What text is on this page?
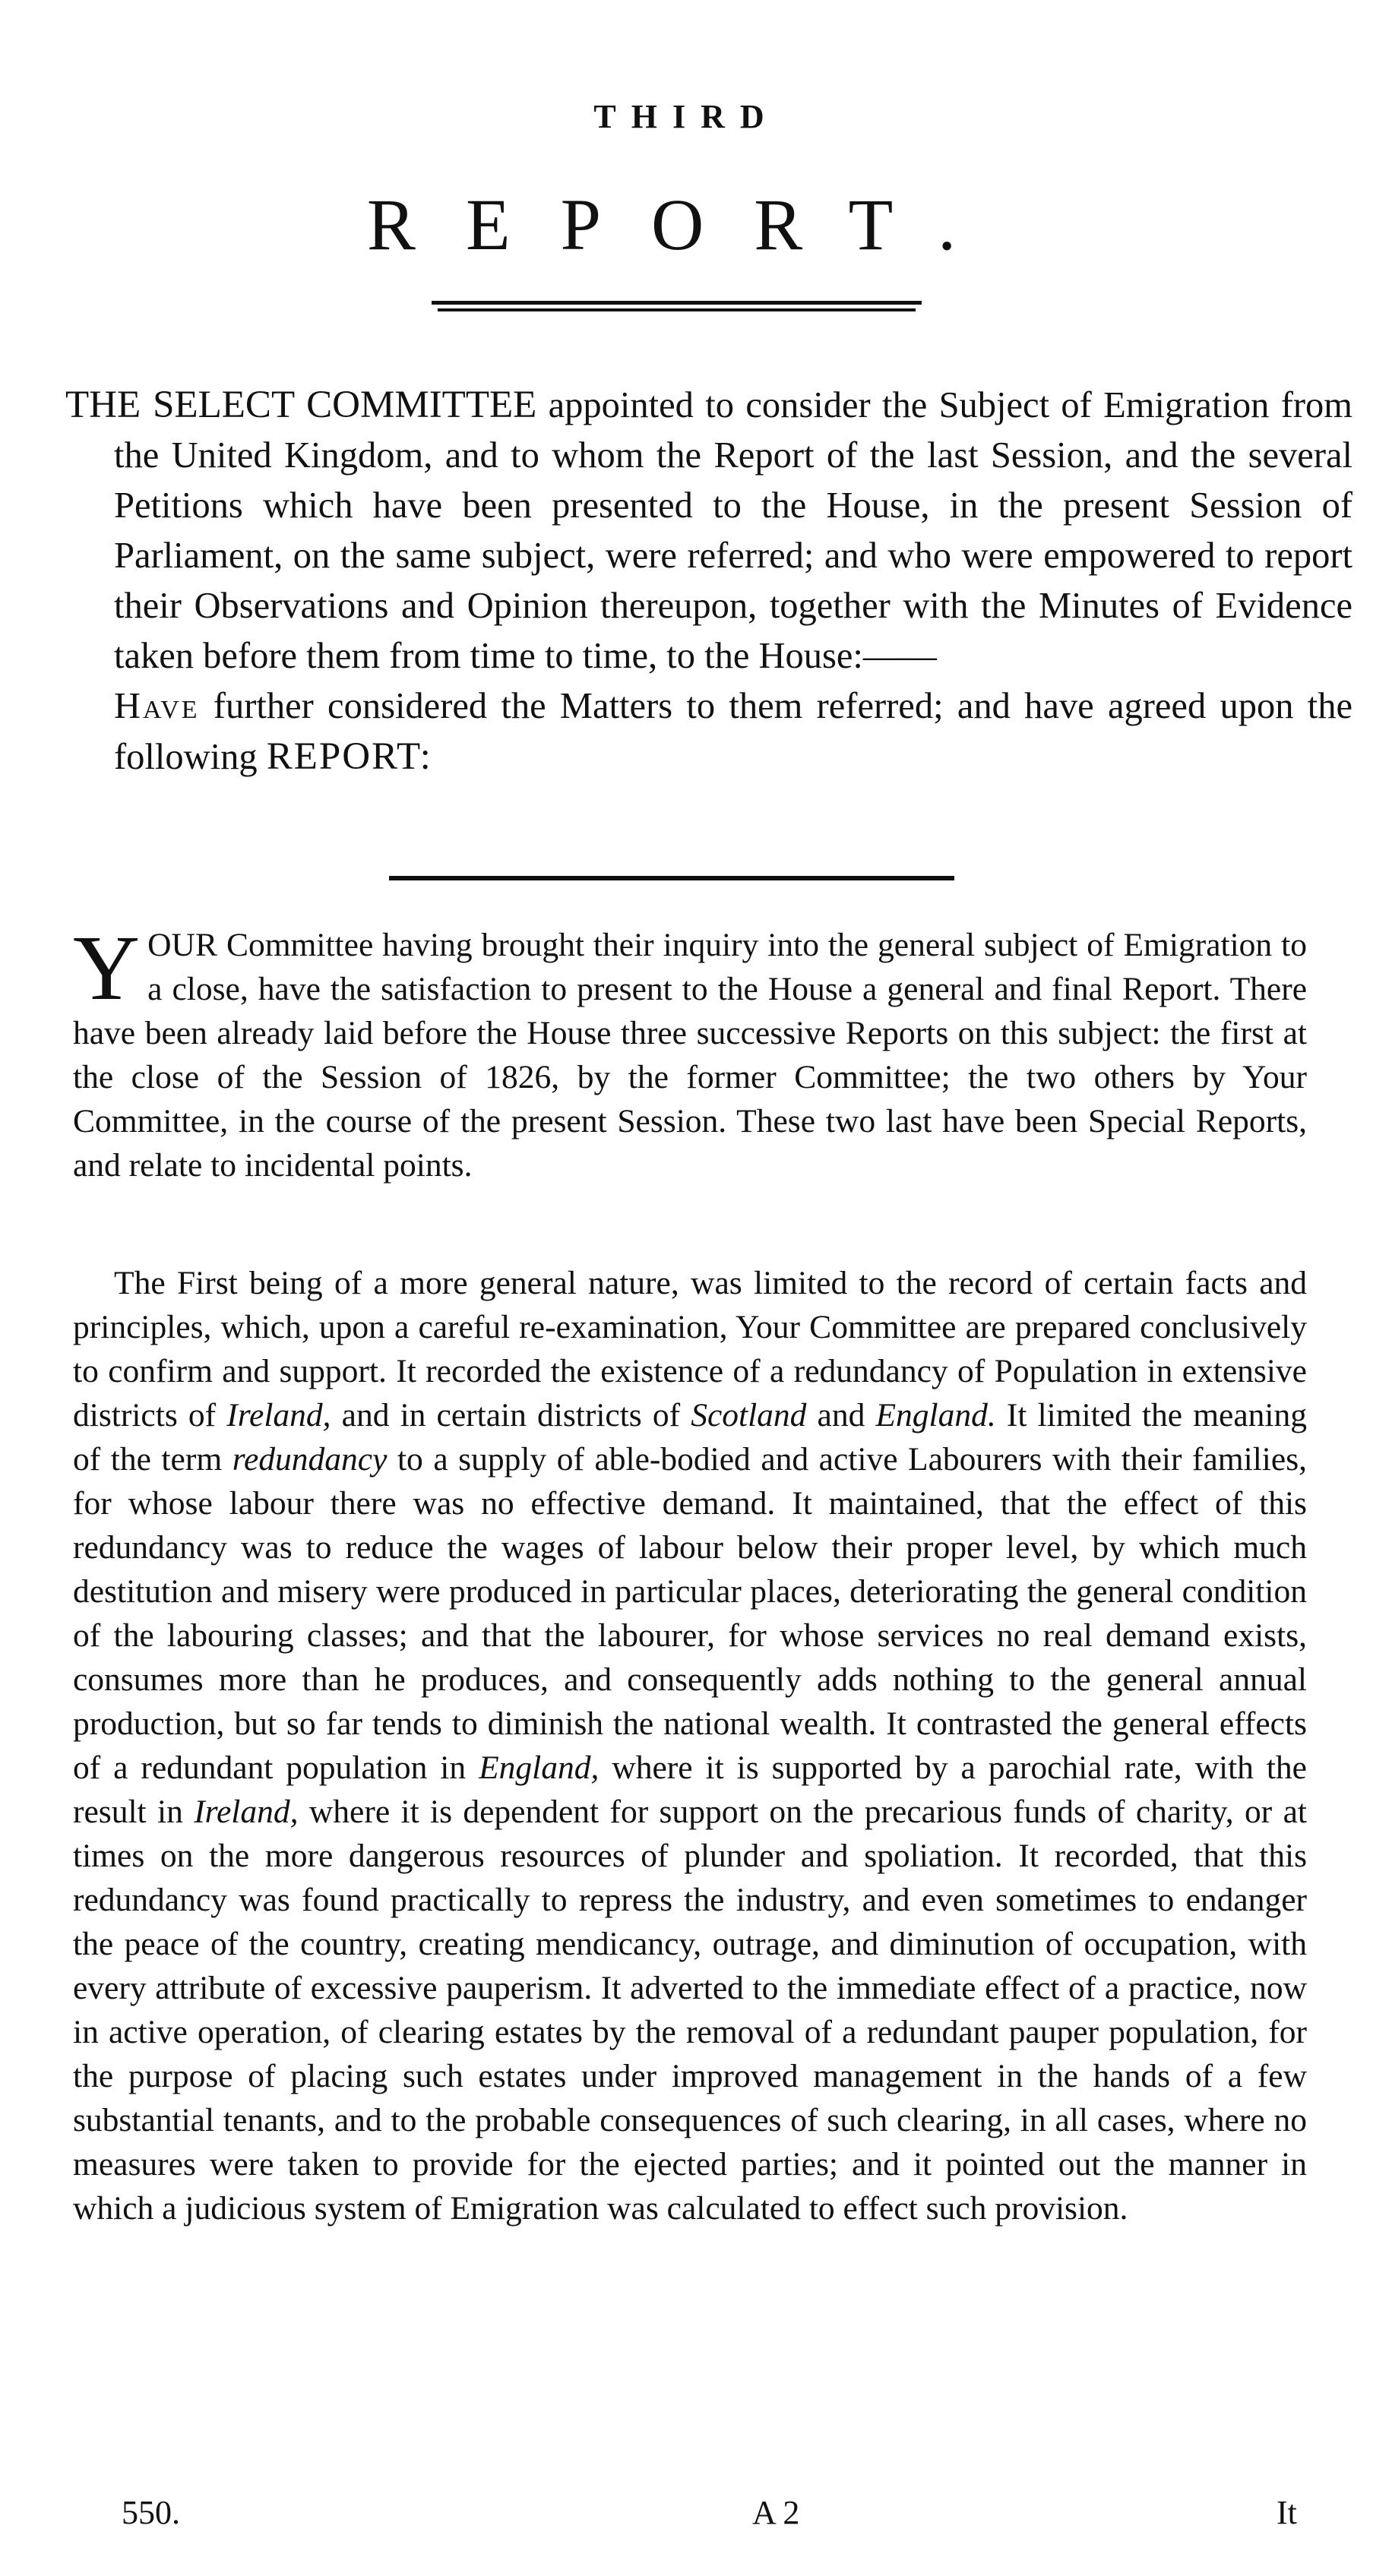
THIRD
REPORT.
THE SELECT COMMITTEE appointed to consider the Subject of Emigration from the United Kingdom, and to whom the Report of the last Session, and the several Petitions which have been presented to the House, in the present Session of Parliament, on the same subject, were referred; and who were empowered to report their Observations and Opinion thereupon, together with the Minutes of Evidence taken before them from time to time, to the House:——
Have further considered the Matters to them referred; and have agreed upon the following REPORT:
YOUR Committee having brought their inquiry into the general subject of Emigration to a close, have the satisfaction to present to the House a general and final Report. There have been already laid before the House three successive Reports on this subject: the first at the close of the Session of 1826, by the former Committee; the two others by Your Committee, in the course of the present Session. These two last have been Special Reports, and relate to incidental points.
The First being of a more general nature, was limited to the record of certain facts and principles, which, upon a careful re-examination, Your Committee are prepared conclusively to confirm and support. It recorded the existence of a redundancy of Population in extensive districts of Ireland, and in certain districts of Scotland and England. It limited the meaning of the term redundancy to a supply of able-bodied and active Labourers with their families, for whose labour there was no effective demand. It maintained, that the effect of this redundancy was to reduce the wages of labour below their proper level, by which much destitution and misery were produced in particular places, deteriorating the general condition of the labouring classes; and that the labourer, for whose services no real demand exists, consumes more than he produces, and consequently adds nothing to the general annual production, but so far tends to diminish the national wealth. It contrasted the general effects of a redundant population in England, where it is supported by a parochial rate, with the result in Ireland, where it is dependent for support on the precarious funds of charity, or at times on the more dangerous resources of plunder and spoliation. It recorded, that this redundancy was found practically to repress the industry, and even sometimes to endanger the peace of the country, creating mendicancy, outrage, and diminution of occupation, with every attribute of excessive pauperism. It adverted to the immediate effect of a practice, now in active operation, of clearing estates by the removal of a redundant pauper population, for the purpose of placing such estates under improved management in the hands of a few substantial tenants, and to the probable consequences of such clearing, in all cases, where no measures were taken to provide for the ejected parties; and it pointed out the manner in which a judicious system of Emigration was calculated to effect such provision.
550.	A 2	It
